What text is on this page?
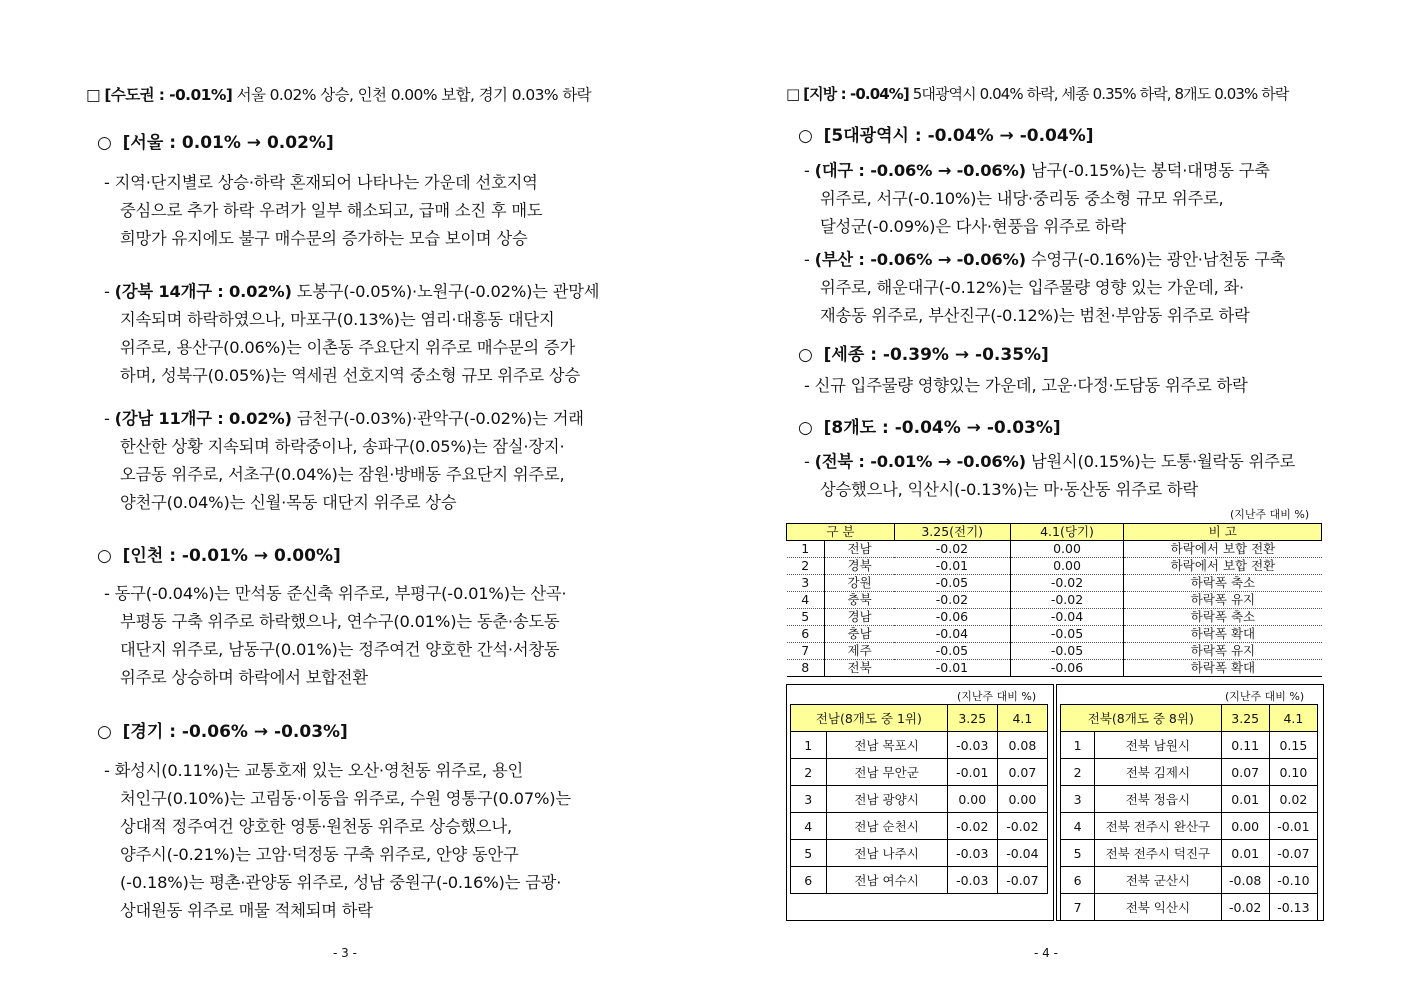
□ [수도권 : -0.01%] 서울 0.02% 상승, 인천 0.00% 보합, 경기 0.03% 하락
○ [서울 : 0.01% → 0.02%]
- 지역·단지별로 상승·하락 혼재되어 나타나는 가운데 선호지역
중심으로 추가 하락 우려가 일부 해소되고, 급매 소진 후 매도
희망가 유지에도 불구 매수문의 증가하는 모습 보이며 상승
- (강북 14개구 : 0.02%) 도봉구(-0.05%)·노원구(-0.02%)는 관망세
지속되며 하락하였으나, 마포구(0.13%)는 염리·대흥동 대단지
위주로, 용산구(0.06%)는 이촌동 주요단지 위주로 매수문의 증가
하며, 성북구(0.05%)는 역세권 선호지역 중소형 규모 위주로 상승
- (강남 11개구 : 0.02%) 금천구(-0.03%)·관악구(-0.02%)는 거래
한산한 상황 지속되며 하락중이나, 송파구(0.05%)는 잠실·장지·
오금동 위주로, 서초구(0.04%)는 잠원·방배동 주요단지 위주로,
양천구(0.04%)는 신월·목동 대단지 위주로 상승
○ [인천 : -0.01% → 0.00%]
- 동구(-0.04%)는 만석동 준신축 위주로, 부평구(-0.01%)는 산곡·
부평동 구축 위주로 하락했으나, 연수구(0.01%)는 동춘·송도동
대단지 위주로, 남동구(0.01%)는 정주여건 양호한 간석·서창동
위주로 상승하며 하락에서 보합전환
○ [경기 : -0.06% → -0.03%]
- 화성시(0.11%)는 교통호재 있는 오산·영천동 위주로, 용인
처인구(0.10%)는 고림동·이동읍 위주로, 수원 영통구(0.07%)는
상대적 정주여건 양호한 영통·원천동 위주로 상승했으나,
양주시(-0.21%)는 고암·덕정동 구축 위주로, 안양 동안구
(-0.18%)는 평촌·관양동 위주로, 성남 중원구(-0.16%)는 금광·
상대원동 위주로 매물 적체되며 하락
- 3 -
□ [지방 : -0.04%] 5대광역시 0.04% 하락, 세종 0.35% 하락, 8개도 0.03% 하락
○ [5대광역시 : -0.04% → -0.04%]
- (대구 : -0.06% → -0.06%) 남구(-0.15%)는 봉덕·대명동 구축
위주로, 서구(-0.10%)는 내당·중리동 중소형 규모 위주로,
달성군(-0.09%)은 다사·현풍읍 위주로 하락
- (부산 : -0.06% → -0.06%) 수영구(-0.16%)는 광안·남천동 구축
위주로, 해운대구(-0.12%)는 입주물량 영향 있는 가운데, 좌·
재송동 위주로, 부산진구(-0.12%)는 범천·부암동 위주로 하락
○ [세종 : -0.39% → -0.35%]
- 신규 입주물량 영향있는 가운데, 고운·다정·도담동 위주로 하락
○ [8개도 : -0.04% → -0.03%]
- (전북 : -0.01% → -0.06%) 남원시(0.15%)는 도통·월락동 위주로
상승했으나, 익산시(-0.13%)는 마·동산동 위주로 하락
(지난주 대비 %)
구 분		3.25(전기)	4.1(당기)	비 고
1	전남	-0.02	0.00	하락에서 보합 전환
2	경북	-0.01	0.00	하락에서 보합 전환
3	강원	-0.05	-0.02	하락폭 축소
4	충북	-0.02	-0.02	하락폭 유지
5	경남	-0.06	-0.04	하락폭 축소
6	충남	-0.04	-0.05	하락폭 확대
7	제주	-0.05	-0.05	하락폭 유지
8	전북	-0.01	-0.06	하락폭 확대
(지난주 대비 %)
전남(8개도 중 1위)		3.25	4.1
1	전남 목포시	-0.03	0.08
2	전남 무안군	-0.01	0.07
3	전남 광양시	0.00	0.00
4	전남 순천시	-0.02	-0.02
5	전남 나주시	-0.03	-0.04
6	전남 여수시	-0.03	-0.07
(지난주 대비 %)
전북(8개도 중 8위)		3.25	4.1
1	전북 남원시	0.11	0.15
2	전북 김제시	0.07	0.10
3	전북 정읍시	0.01	0.02
4	전북 전주시 완산구	0.00	-0.01
5	전북 전주시 덕진구	0.01	-0.07
6	전북 군산시	-0.08	-0.10
7	전북 익산시	-0.02	-0.13
- 4 -
